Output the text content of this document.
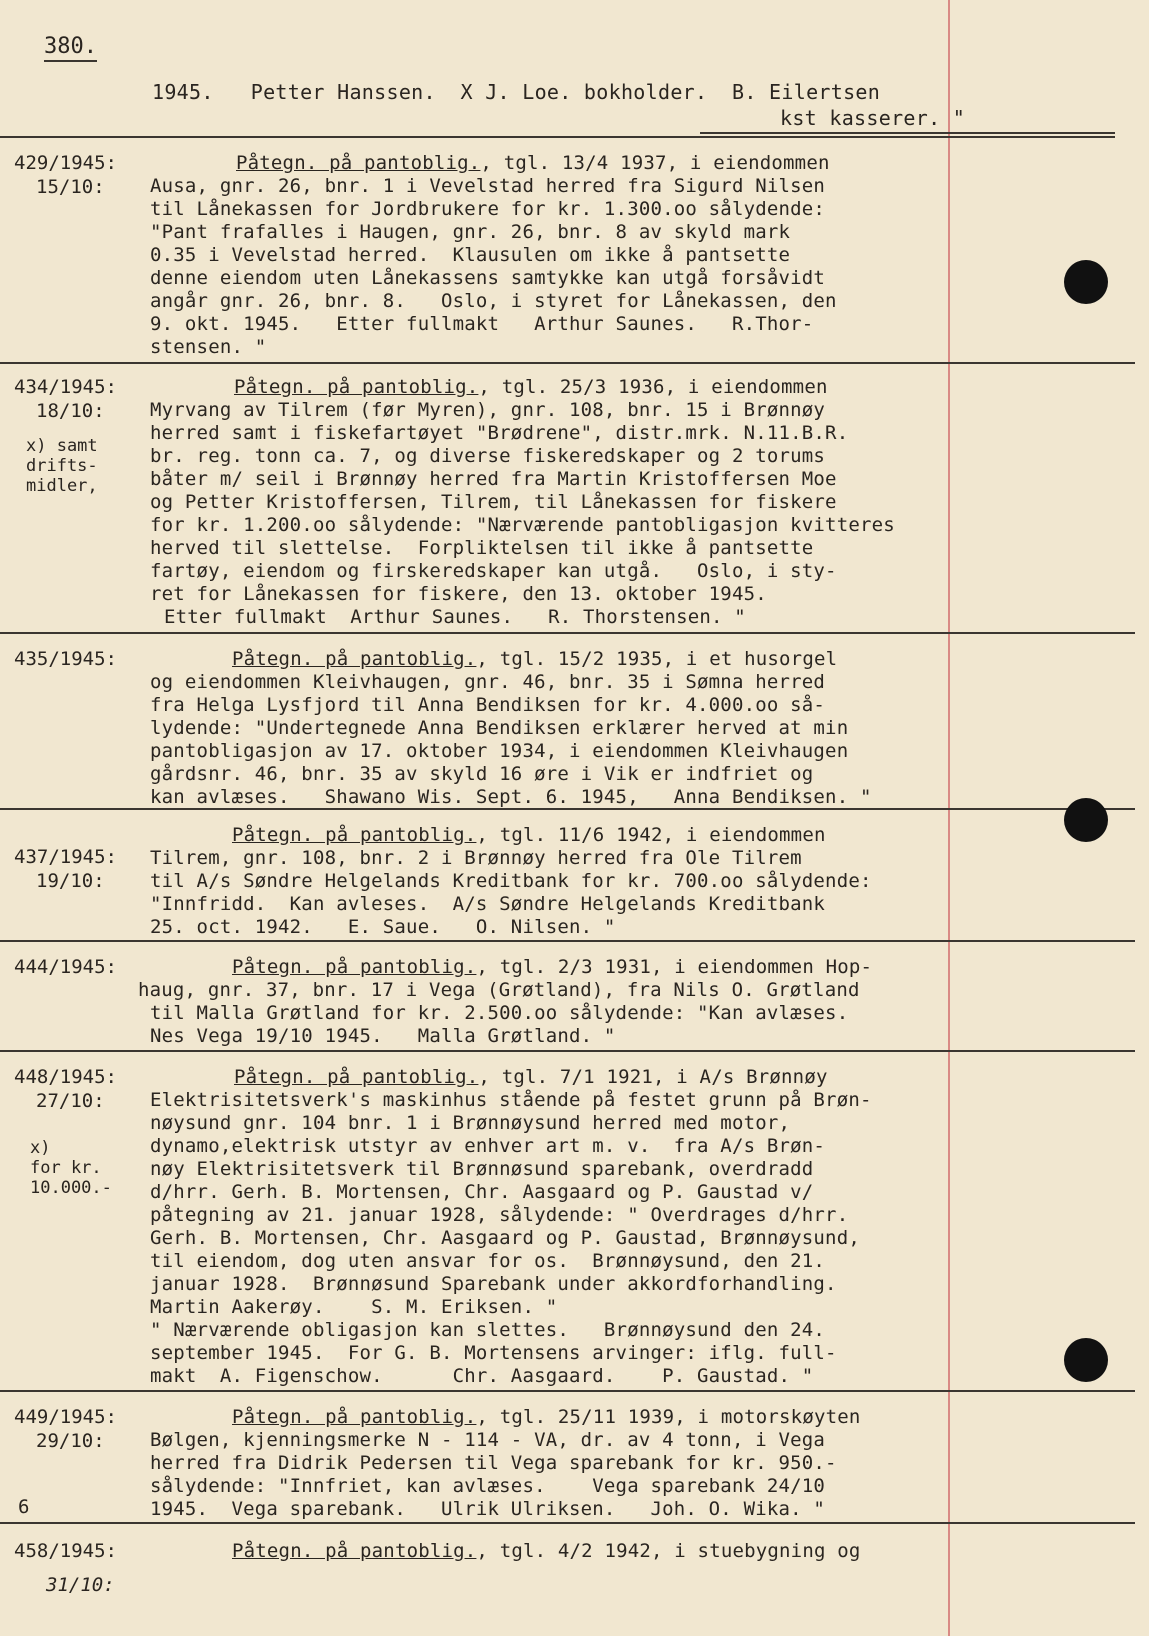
380.
1945.   Petter Hanssen.  X J. Loe. bokholder.  B. Eilertsen
kst kasserer. "
429/1945:
15/10:
Påtegn. på pantoblig., tgl. 13/4 1937, i eiendommen
Ausa, gnr. 26, bnr. 1 i Vevelstad herred fra Sigurd Nilsen
til Lånekassen for Jordbrukere for kr. 1.300.oo sålydende:
"Pant frafalles i Haugen, gnr. 26, bnr. 8 av skyld mark
0.35 i Vevelstad herred.  Klausulen om ikke å pantsette
denne eiendom uten Lånekassens samtykke kan utgå forsåvidt
angår gnr. 26, bnr. 8.   Oslo, i styret for Lånekassen, den
9. okt. 1945.   Etter fullmakt   Arthur Saunes.   R.Thor-
stensen. "
434/1945:
18/10:
x) samt
drifts-
midler,
Påtegn. på pantoblig., tgl. 25/3 1936, i eiendommen
Myrvang av Tilrem (før Myren), gnr. 108, bnr. 15 i Brønnøy
herred samt i fiskefartøyet "Brødrene", distr.mrk. N.11.B.R.
br. reg. tonn ca. 7, og diverse fiskeredskaper og 2 torums
båter m/ seil i Brønnøy herred fra Martin Kristoffersen Moe
og Petter Kristoffersen, Tilrem, til Lånekassen for fiskere
for kr. 1.200.oo sålydende: "Nærværende pantobligasjon kvitteres
herved til slettelse.  Forpliktelsen til ikke å pantsette
fartøy, eiendom og firskeredskaper kan utgå.   Oslo, i sty-
ret for Lånekassen for fiskere, den 13. oktober 1945.
Etter fullmakt  Arthur Saunes.   R. Thorstensen. "
435/1945:	Påtegn. på pantoblig., tgl. 15/2 1935, i et husorgel
og eiendommen Kleivhaugen, gnr. 46, bnr. 35 i Sømna herred
fra Helga Lysfjord til Anna Bendiksen for kr. 4.000.oo så-
lydende: "Undertegnede Anna Bendiksen erklærer herved at min
pantobligasjon av 17. oktober 1934, i eiendommen Kleivhaugen
gårdsnr. 46, bnr. 35 av skyld 16 øre i Vik er indfriet og
kan avlæses.   Shawano Wis. Sept. 6. 1945,   Anna Bendiksen. "
437/1945:
19/10:
Påtegn. på pantoblig., tgl. 11/6 1942, i eiendommen
Tilrem, gnr. 108, bnr. 2 i Brønnøy herred fra Ole Tilrem
til A/s Søndre Helgelands Kreditbank for kr. 700.oo sålydende:
"Innfridd.  Kan avleses.  A/s Søndre Helgelands Kreditbank
25. oct. 1942.   E. Saue.   O. Nilsen. "
444/1945:	Påtegn. på pantoblig., tgl. 2/3 1931, i eiendommen Hop-
haug, gnr. 37, bnr. 17 i Vega (Grøtland), fra Nils O. Grøtland
til Malla Grøtland for kr. 2.500.oo sålydende: "Kan avlæses.
Nes Vega 19/10 1945.   Malla Grøtland. "
448/1945:
27/10:
x)
for kr.
10.000.-
Påtegn. på pantoblig., tgl. 7/1 1921, i A/s Brønnøy
Elektrisitetsverk's maskinhus stående på festet grunn på Brøn-
nøysund gnr. 104 bnr. 1 i Brønnøysund herred med motor,
dynamo,elektrisk utstyr av enhver art m. v.  fra A/s Brøn-
nøy Elektrisitetsverk til Brønnøsund sparebank, overdradd
d/hrr. Gerh. B. Mortensen, Chr. Aasgaard og P. Gaustad v/
påtegning av 21. januar 1928, sålydende: " Overdrages d/hrr.
Gerh. B. Mortensen, Chr. Aasgaard og P. Gaustad, Brønnøysund,
til eiendom, dog uten ansvar for os.  Brønnøysund, den 21.
januar 1928.  Brønnøsund Sparebank under akkordforhandling.
Martin Aakerøy.    S. M. Eriksen. "
" Nærværende obligasjon kan slettes.   Brønnøysund den 24.
september 1945.  For G. B. Mortensens arvinger: iflg. full-
makt  A. Figenschow.      Chr. Aasgaard.    P. Gaustad. "
449/1945:
29/10:
6
Påtegn. på pantoblig., tgl. 25/11 1939, i motorskøyten
Bølgen, kjenningsmerke N - 114 - VA, dr. av 4 tonn, i Vega
herred fra Didrik Pedersen til Vega sparebank for kr. 950.-
sålydende: "Innfriet, kan avlæses.    Vega sparebank 24/10
1945.  Vega sparebank.   Ulrik Ulriksen.   Joh. O. Wika. "
458/1945:
31/10:
Påtegn. på pantoblig., tgl. 4/2 1942, i stuebygning og
